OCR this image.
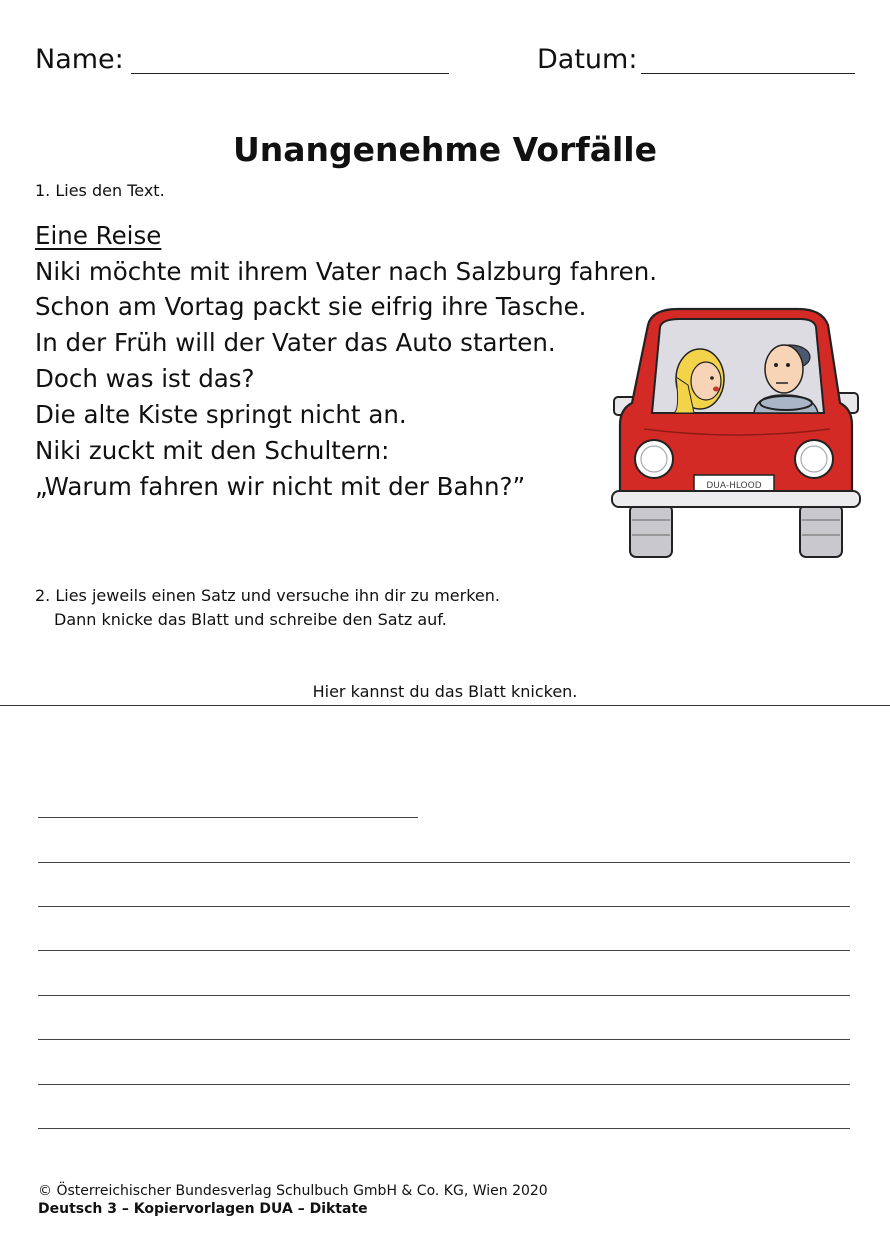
Name:	Datum:
Unangenehme Vorfälle
1. Lies den Text.
Eine Reise
Niki möchte mit ihrem Vater nach Salzburg fahren.
Schon am Vortag packt sie eifrig ihre Tasche.
In der Früh will der Vater das Auto starten.
Doch was ist das?
Die alte Kiste springt nicht an.
Niki zuckt mit den Schultern:
„Warum fahren wir nicht mit der Bahn?”	DUA-HLOOD
2. Lies jeweils einen Satz und versuche ihn dir zu merken.
Dann knicke das Blatt und schreibe den Satz auf.
Hier kannst du das Blatt knicken.
© Österreichischer Bundesverlag Schulbuch GmbH & Co. KG, Wien 2020
Deutsch 3 – Kopiervorlagen DUA – Diktate
